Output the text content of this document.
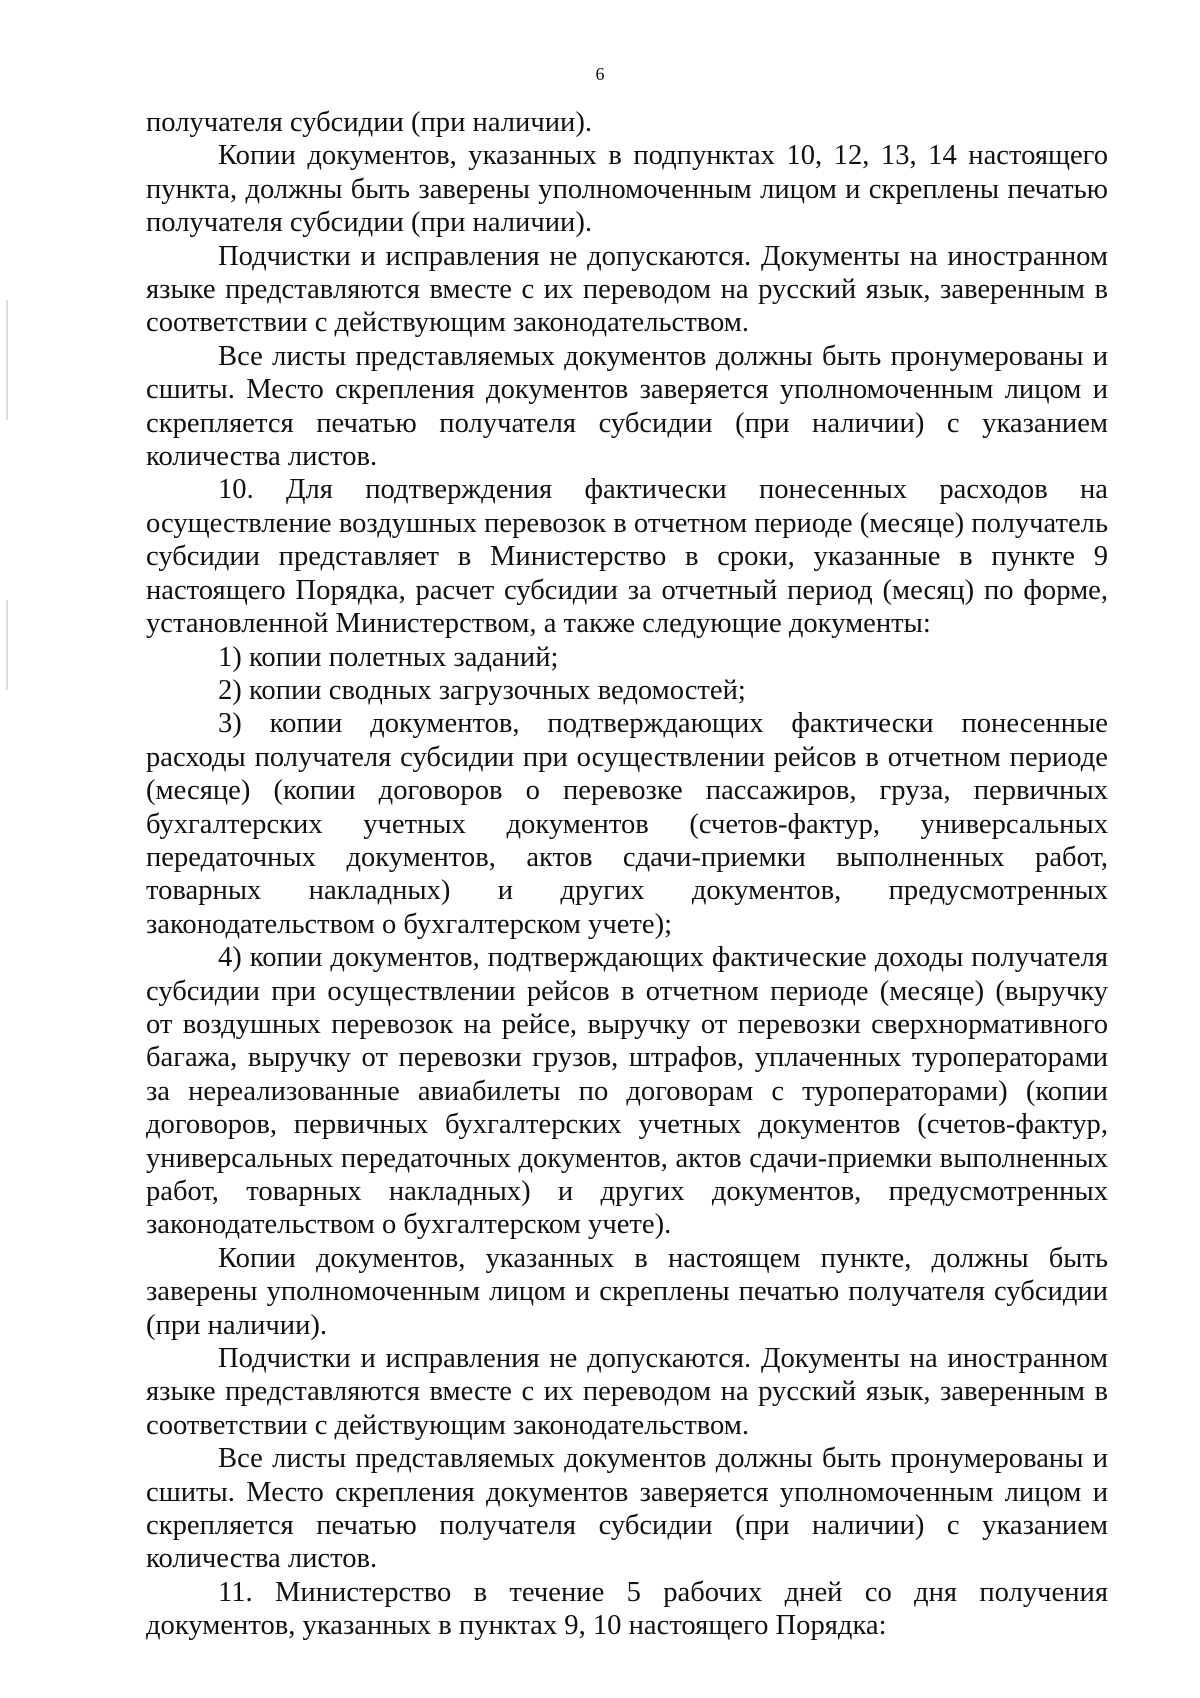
6

получателя субсидии (при наличии).

Копии документов, указанных в подпунктах 10, 12, 13, 14 настоящего пункта, должны быть заверены уполномоченным лицом и скреплены печатью получателя субсидии (при наличии).

Подчистки и исправления не допускаются. Документы на иностранном языке представляются вместе с их переводом на русский язык, заверенным в соответствии с действующим законодательством.

Все листы представляемых документов должны быть пронумерованы и сшиты. Место скрепления документов заверяется уполномоченным лицом и скрепляется печатью получателя субсидии (при наличии) с указанием количества листов.

10. Для подтверждения фактически понесенных расходов на осуществление воздушных перевозок в отчетном периоде (месяце) получатель субсидии представляет в Министерство в сроки, указанные в пункте 9 настоящего Порядка, расчет субсидии за отчетный период (месяц) по форме, установленной Министерством, а также следующие документы:

1) копии полетных заданий;

2) копии сводных загрузочных ведомостей;

3) копии документов, подтверждающих фактически понесенные расходы получателя субсидии при осуществлении рейсов в отчетном периоде (месяце) (копии договоров о перевозке пассажиров, груза, первичных бухгалтерских учетных документов (счетов-фактур, универсальных передаточных документов, актов сдачи-приемки выполненных работ, товарных накладных) и других документов, предусмотренных законодательством о бухгалтерском учете);

4) копии документов, подтверждающих фактические доходы получателя субсидии при осуществлении рейсов в отчетном периоде (месяце) (выручку от воздушных перевозок на рейсе, выручку от перевозки сверхнормативного багажа, выручку от перевозки грузов, штрафов, уплаченных туроператорами за нереализованные авиабилеты по договорам с туроператорами) (копии договоров, первичных бухгалтерских учетных документов (счетов-фактур, универсальных передаточных документов, актов сдачи-приемки выполненных работ, товарных накладных) и других документов, предусмотренных законодательством о бухгалтерском учете).

Копии документов, указанных в настоящем пункте, должны быть заверены уполномоченным лицом и скреплены печатью получателя субсидии (при наличии).

Подчистки и исправления не допускаются. Документы на иностранном языке представляются вместе с их переводом на русский язык, заверенным в соответствии с действующим законодательством.

Все листы представляемых документов должны быть пронумерованы и сшиты. Место скрепления документов заверяется уполномоченным лицом и скрепляется печатью получателя субсидии (при наличии) с указанием количества листов.

11. Министерство в течение 5 рабочих дней со дня получения документов, указанных в пунктах 9, 10 настоящего Порядка:
